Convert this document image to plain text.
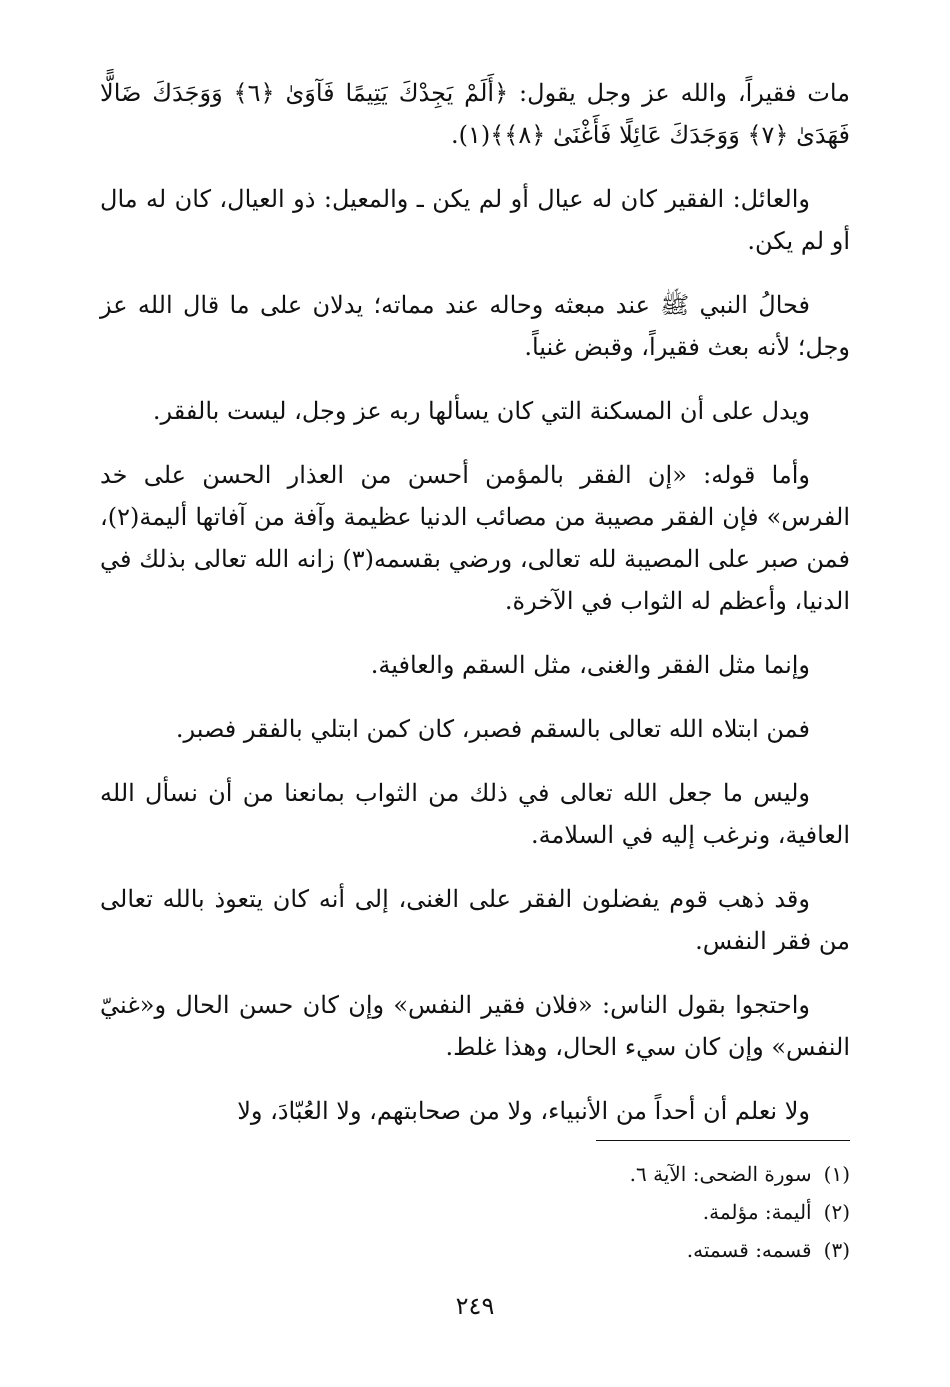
مات فقيراً، والله عز وجل يقول: ﴿أَلَمْ يَجِدْكَ يَتِيمًا فَآوَىٰ ﴿٦﴾ وَوَجَدَكَ ضَالًّا فَهَدَىٰ ﴿٧﴾ وَوَجَدَكَ عَائِلًا فَأَغْنَىٰ ﴿٨﴾﴾(١).

والعائل: الفقير كان له عيال أو لم يكن ـ والمعيل: ذو العيال، كان له مال أو لم يكن.

فحالُ النبي ﷺ عند مبعثه وحاله عند مماته؛ يدلان على ما قال الله عز وجل؛ لأنه بعث فقيراً، وقبض غنياً.

ويدل على أن المسكنة التي كان يسألها ربه عز وجل، ليست بالفقر.

وأما قوله: «إن الفقر بالمؤمن أحسن من العذار الحسن على خد الفرس» فإن الفقر مصيبة من مصائب الدنيا عظيمة وآفة من آفاتها أليمة(٢)، فمن صبر على المصيبة لله تعالى، ورضي بقسمه(٣) زانه الله تعالى بذلك في الدنيا، وأعظم له الثواب في الآخرة.

وإنما مثل الفقر والغنى، مثل السقم والعافية.

فمن ابتلاه الله تعالى بالسقم فصبر، كان كمن ابتلي بالفقر فصبر.

وليس ما جعل الله تعالى في ذلك من الثواب بمانعنا من أن نسأل الله العافية، ونرغب إليه في السلامة.

وقد ذهب قوم يفضلون الفقر على الغنى، إلى أنه كان يتعوذ بالله تعالى من فقر النفس.

واحتجوا بقول الناس: «فلان فقير النفس» وإن كان حسن الحال و«غنيّ النفس» وإن كان سيء الحال، وهذا غلط.

ولا نعلم أن أحداً من الأنبياء، ولا من صحابتهم، ولا العُبّادَ، ولا

(١)سورة الضحى: الآية ٦.

(٢)أليمة: مؤلمة.

(٣)قسمه: قسمته.

٢٤٩
